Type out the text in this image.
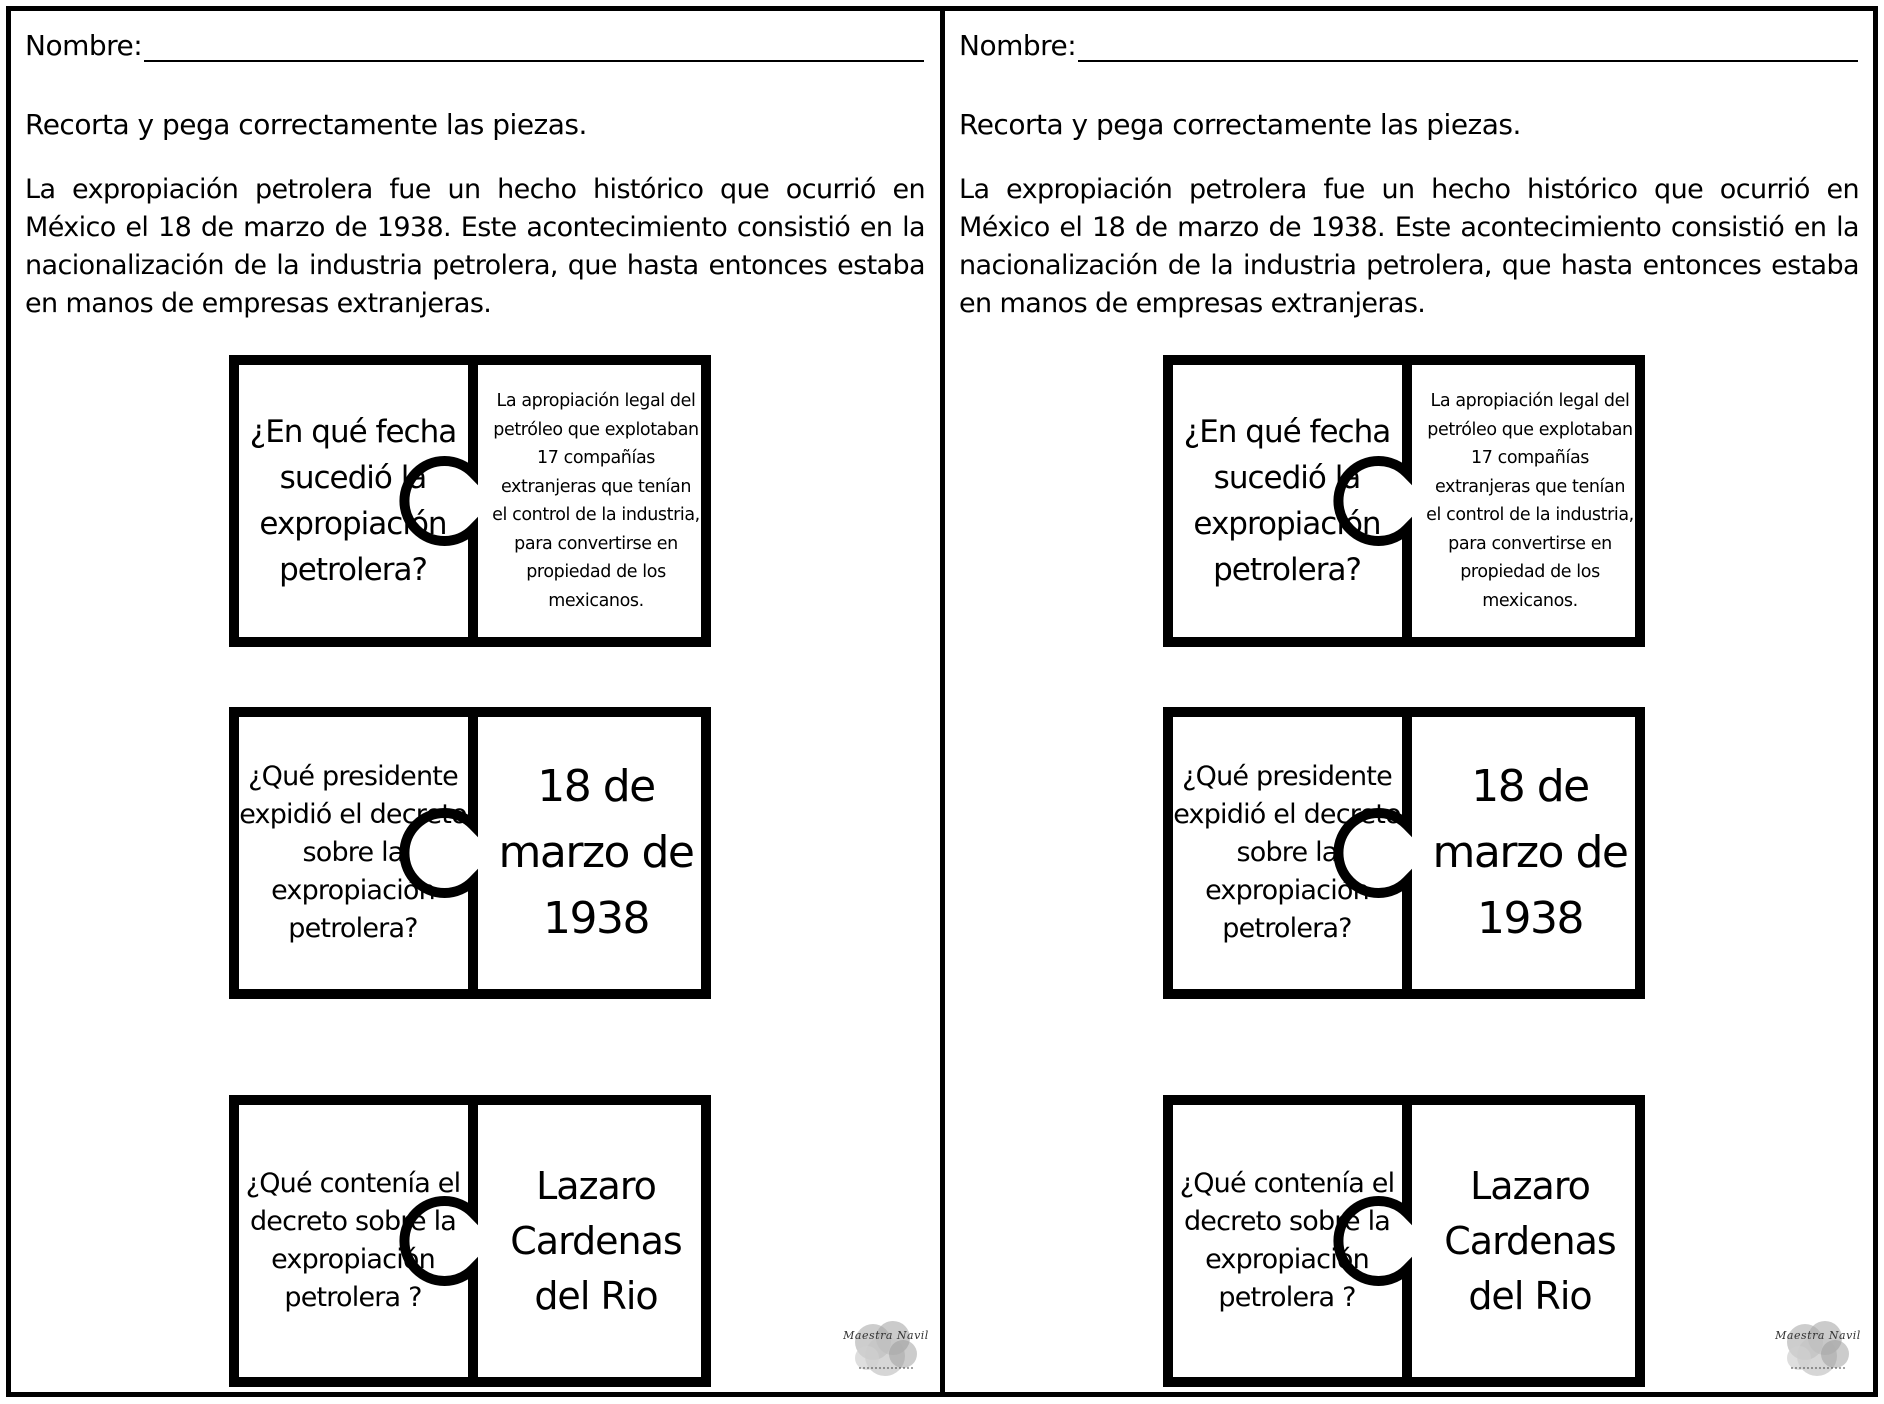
Nombre:
Recorta y pega correctamente las piezas.
La expropiación petrolera fue un hecho histórico que ocurrió en México el 18 de marzo de 1938. Este acontecimiento consistió en la nacionalización de la industria petrolera, que hasta entonces estaba en manos de empresas extranjeras.
¿En qué fecha sucedió la expropiación petrolera?
La apropiación legal del petróleo que explotaban 17 compañías extranjeras que tenían el control de la industria, para convertirse en propiedad de los mexicanos.
¿Qué presidente expidió el decreto sobre la expropiación petrolera?
18 de marzo de 1938
¿Qué contenía el decreto sobre la expropiación petrolera ?
Lazaro Cardenas del Rio
Maestra Navil
Nombre:
Recorta y pega correctamente las piezas.
La expropiación petrolera fue un hecho histórico que ocurrió en México el 18 de marzo de 1938. Este acontecimiento consistió en la nacionalización de la industria petrolera, que hasta entonces estaba en manos de empresas extranjeras.
¿En qué fecha sucedió la expropiación petrolera?
La apropiación legal del petróleo que explotaban 17 compañías extranjeras que tenían el control de la industria, para convertirse en propiedad de los mexicanos.
¿Qué presidente expidió el decreto sobre la expropiación petrolera?
18 de marzo de 1938
¿Qué contenía el decreto sobre la expropiación petrolera ?
Lazaro Cardenas del Rio
Maestra Navil
